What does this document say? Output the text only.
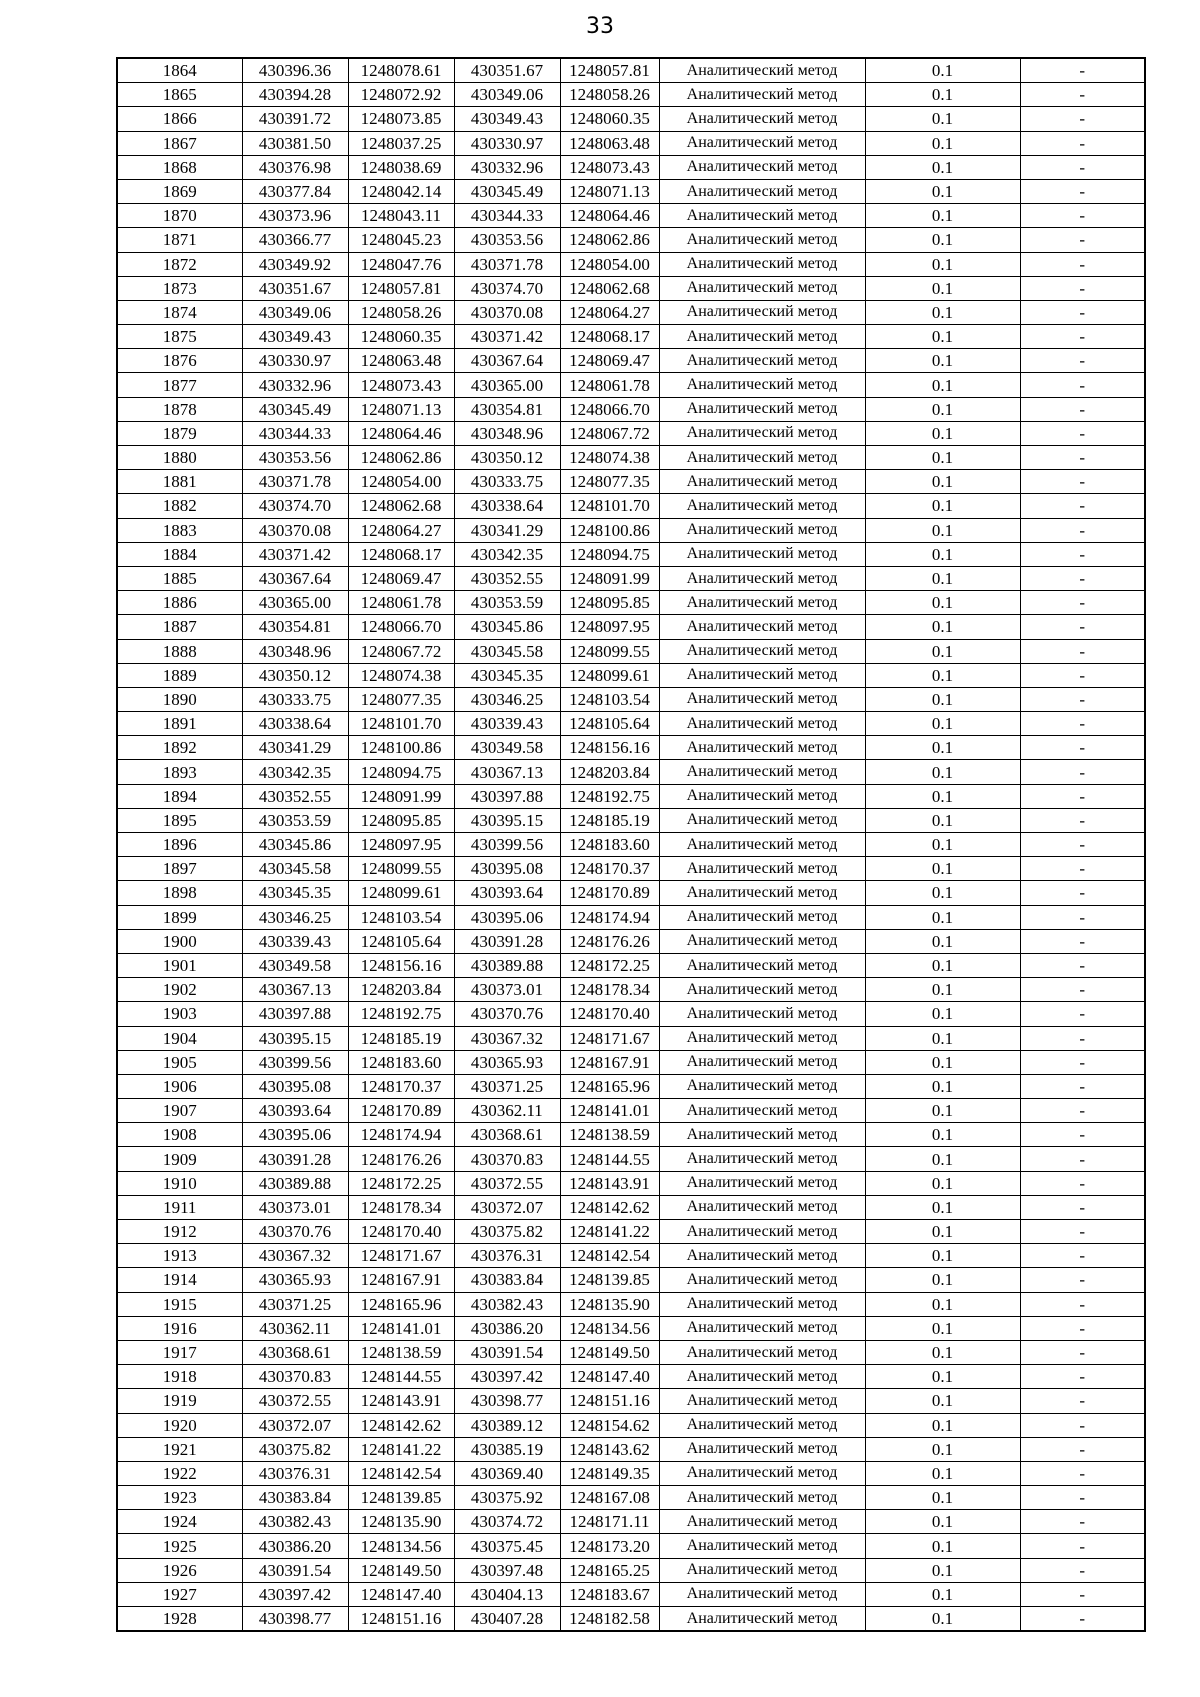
33
1864	430396.36	1248078.61	430351.67	1248057.81	Аналитический метод	0.1	-
1865	430394.28	1248072.92	430349.06	1248058.26	Аналитический метод	0.1	-
1866	430391.72	1248073.85	430349.43	1248060.35	Аналитический метод	0.1	-
1867	430381.50	1248037.25	430330.97	1248063.48	Аналитический метод	0.1	-
1868	430376.98	1248038.69	430332.96	1248073.43	Аналитический метод	0.1	-
1869	430377.84	1248042.14	430345.49	1248071.13	Аналитический метод	0.1	-
1870	430373.96	1248043.11	430344.33	1248064.46	Аналитический метод	0.1	-
1871	430366.77	1248045.23	430353.56	1248062.86	Аналитический метод	0.1	-
1872	430349.92	1248047.76	430371.78	1248054.00	Аналитический метод	0.1	-
1873	430351.67	1248057.81	430374.70	1248062.68	Аналитический метод	0.1	-
1874	430349.06	1248058.26	430370.08	1248064.27	Аналитический метод	0.1	-
1875	430349.43	1248060.35	430371.42	1248068.17	Аналитический метод	0.1	-
1876	430330.97	1248063.48	430367.64	1248069.47	Аналитический метод	0.1	-
1877	430332.96	1248073.43	430365.00	1248061.78	Аналитический метод	0.1	-
1878	430345.49	1248071.13	430354.81	1248066.70	Аналитический метод	0.1	-
1879	430344.33	1248064.46	430348.96	1248067.72	Аналитический метод	0.1	-
1880	430353.56	1248062.86	430350.12	1248074.38	Аналитический метод	0.1	-
1881	430371.78	1248054.00	430333.75	1248077.35	Аналитический метод	0.1	-
1882	430374.70	1248062.68	430338.64	1248101.70	Аналитический метод	0.1	-
1883	430370.08	1248064.27	430341.29	1248100.86	Аналитический метод	0.1	-
1884	430371.42	1248068.17	430342.35	1248094.75	Аналитический метод	0.1	-
1885	430367.64	1248069.47	430352.55	1248091.99	Аналитический метод	0.1	-
1886	430365.00	1248061.78	430353.59	1248095.85	Аналитический метод	0.1	-
1887	430354.81	1248066.70	430345.86	1248097.95	Аналитический метод	0.1	-
1888	430348.96	1248067.72	430345.58	1248099.55	Аналитический метод	0.1	-
1889	430350.12	1248074.38	430345.35	1248099.61	Аналитический метод	0.1	-
1890	430333.75	1248077.35	430346.25	1248103.54	Аналитический метод	0.1	-
1891	430338.64	1248101.70	430339.43	1248105.64	Аналитический метод	0.1	-
1892	430341.29	1248100.86	430349.58	1248156.16	Аналитический метод	0.1	-
1893	430342.35	1248094.75	430367.13	1248203.84	Аналитический метод	0.1	-
1894	430352.55	1248091.99	430397.88	1248192.75	Аналитический метод	0.1	-
1895	430353.59	1248095.85	430395.15	1248185.19	Аналитический метод	0.1	-
1896	430345.86	1248097.95	430399.56	1248183.60	Аналитический метод	0.1	-
1897	430345.58	1248099.55	430395.08	1248170.37	Аналитический метод	0.1	-
1898	430345.35	1248099.61	430393.64	1248170.89	Аналитический метод	0.1	-
1899	430346.25	1248103.54	430395.06	1248174.94	Аналитический метод	0.1	-
1900	430339.43	1248105.64	430391.28	1248176.26	Аналитический метод	0.1	-
1901	430349.58	1248156.16	430389.88	1248172.25	Аналитический метод	0.1	-
1902	430367.13	1248203.84	430373.01	1248178.34	Аналитический метод	0.1	-
1903	430397.88	1248192.75	430370.76	1248170.40	Аналитический метод	0.1	-
1904	430395.15	1248185.19	430367.32	1248171.67	Аналитический метод	0.1	-
1905	430399.56	1248183.60	430365.93	1248167.91	Аналитический метод	0.1	-
1906	430395.08	1248170.37	430371.25	1248165.96	Аналитический метод	0.1	-
1907	430393.64	1248170.89	430362.11	1248141.01	Аналитический метод	0.1	-
1908	430395.06	1248174.94	430368.61	1248138.59	Аналитический метод	0.1	-
1909	430391.28	1248176.26	430370.83	1248144.55	Аналитический метод	0.1	-
1910	430389.88	1248172.25	430372.55	1248143.91	Аналитический метод	0.1	-
1911	430373.01	1248178.34	430372.07	1248142.62	Аналитический метод	0.1	-
1912	430370.76	1248170.40	430375.82	1248141.22	Аналитический метод	0.1	-
1913	430367.32	1248171.67	430376.31	1248142.54	Аналитический метод	0.1	-
1914	430365.93	1248167.91	430383.84	1248139.85	Аналитический метод	0.1	-
1915	430371.25	1248165.96	430382.43	1248135.90	Аналитический метод	0.1	-
1916	430362.11	1248141.01	430386.20	1248134.56	Аналитический метод	0.1	-
1917	430368.61	1248138.59	430391.54	1248149.50	Аналитический метод	0.1	-
1918	430370.83	1248144.55	430397.42	1248147.40	Аналитический метод	0.1	-
1919	430372.55	1248143.91	430398.77	1248151.16	Аналитический метод	0.1	-
1920	430372.07	1248142.62	430389.12	1248154.62	Аналитический метод	0.1	-
1921	430375.82	1248141.22	430385.19	1248143.62	Аналитический метод	0.1	-
1922	430376.31	1248142.54	430369.40	1248149.35	Аналитический метод	0.1	-
1923	430383.84	1248139.85	430375.92	1248167.08	Аналитический метод	0.1	-
1924	430382.43	1248135.90	430374.72	1248171.11	Аналитический метод	0.1	-
1925	430386.20	1248134.56	430375.45	1248173.20	Аналитический метод	0.1	-
1926	430391.54	1248149.50	430397.48	1248165.25	Аналитический метод	0.1	-
1927	430397.42	1248147.40	430404.13	1248183.67	Аналитический метод	0.1	-
1928	430398.77	1248151.16	430407.28	1248182.58	Аналитический метод	0.1	-
